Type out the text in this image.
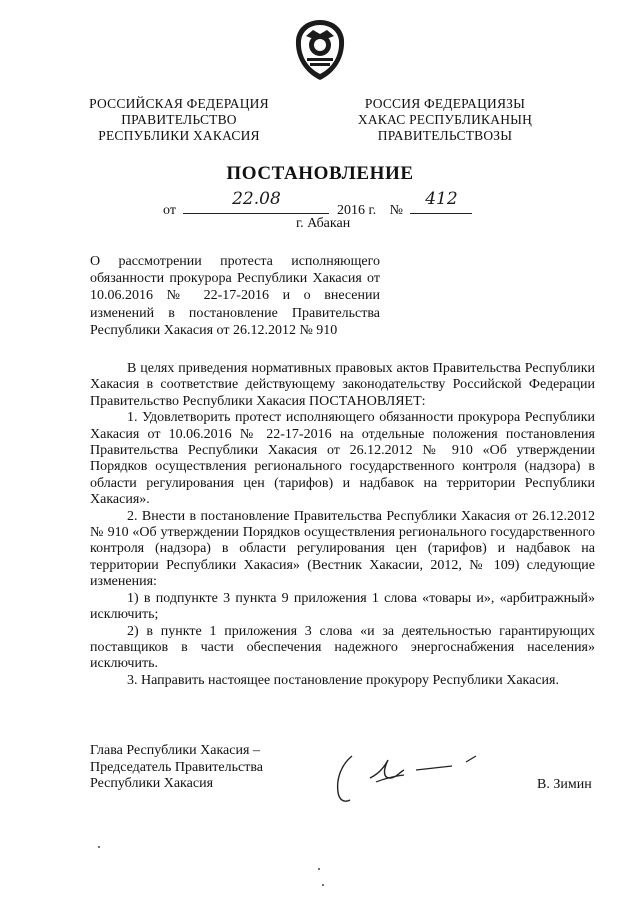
РОССИЙСКАЯ ФЕДЕРАЦИЯ
ПРАВИТЕЛЬСТВО
РЕСПУБЛИКИ ХАКАСИЯ
РОССИЯ ФЕДЕРАЦИЯЗЫ
ХАКАС РЕСПУБЛИКАНЫҢ
ПРАВИТЕЛЬСТВОЗЫ
ПОСТАНОВЛЕНИЕ
от
22.08
2016 г. №
412
г. Абакан
О рассмотрении протеста исполняющего обязанности прокурора Республики Хакасия от 10.06.2016 № 22-17-2016 и о внесении изменений в постановление Правительства Республики Хакасия от 26.12.2012 № 910

В целях приведения нормативных правовых актов Правительства Республики Хакасия в соответствие действующему законодательству Российской Федерации Правительство Республики Хакасия ПОСТАНОВЛЯЕТ:

1. Удовлетворить протест исполняющего обязанности прокурора Республики Хакасия от 10.06.2016 № 22-17-2016 на отдельные положения постановления Правительства Республики Хакасия от 26.12.2012 № 910 «Об утверждении Порядков осуществления регионального государственного контроля (надзора) в области регулирования цен (тарифов) и надбавок на территории Республики Хакасия».

2. Внести в постановление Правительства Республики Хакасия от 26.12.2012 № 910 «Об утверждении Порядков осуществления регионального государственного контроля (надзора) в области регулирования цен (тарифов) и надбавок на территории Республики Хакасия» (Вестник Хакасии, 2012, № 109) следующие изменения:

1) в подпункте 3 пункта 9 приложения 1 слова «товары и», «арбитражный» исключить;

2) в пункте 1 приложения 3 слова «и за деятельностью гарантирующих поставщиков в части обеспечения надежного энергоснабжения населения» исключить.

3. Направить настоящее постановление прокурору Республики Хакасия.

Глава Республики Хакасия –
Председатель Правительства
Республики Хакасия	В. Зимин
